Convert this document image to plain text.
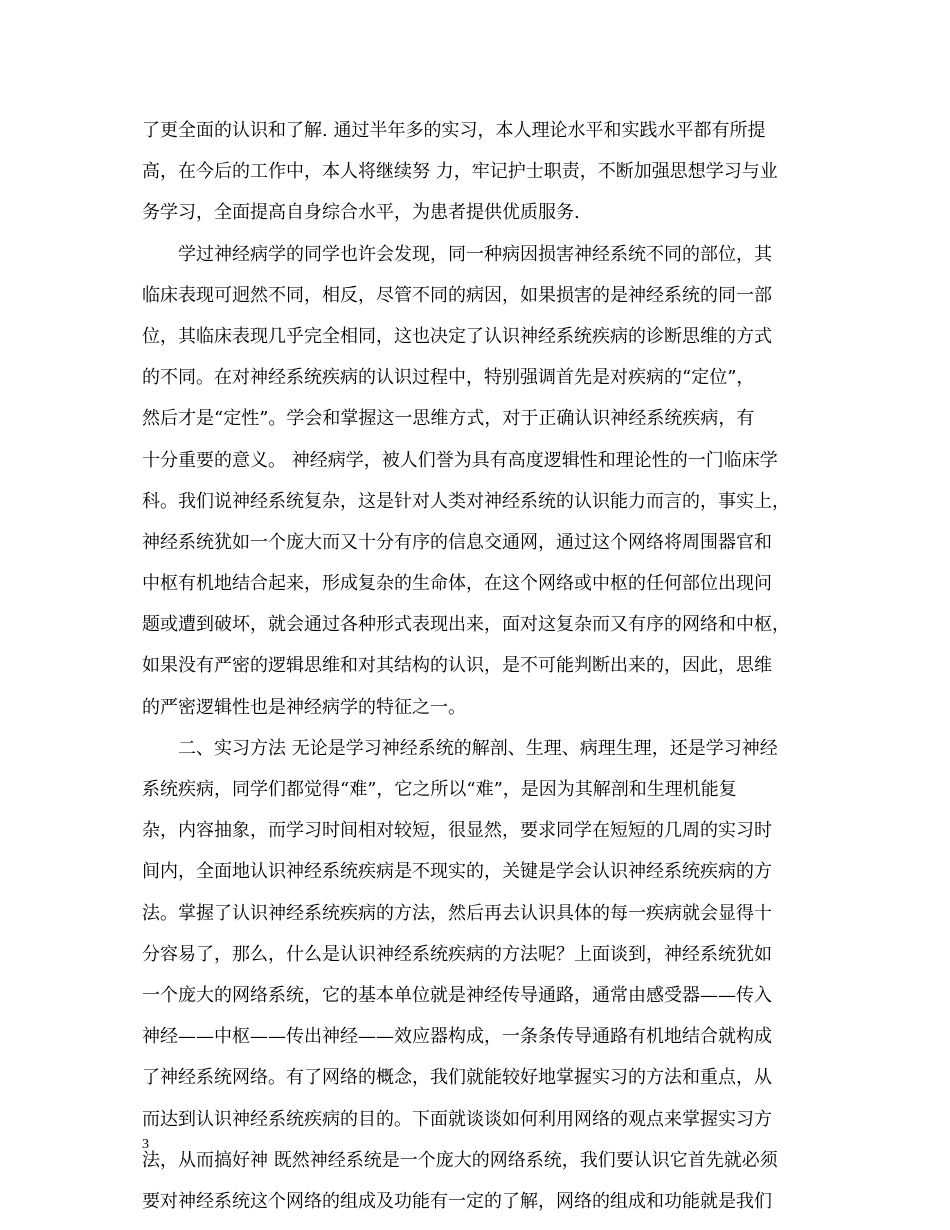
了更全面的认识和了解. 通过半年多的实习，本人理论水平和实践水平都有所提
高，在今后的工作中，本人将继续努 力，牢记护士职责，不断加强思想学习与业
务学习，全面提高自身综合水平，为患者提供优质服务.
学过神经病学的同学也许会发现，同一种病因损害神经系统不同的部位，其
临床表现可迥然不同，相反，尽管不同的病因，如果损害的是神经系统的同一部
位，其临床表现几乎完全相同，这也决定了认识神经系统疾病的诊断思维的方式
的不同。在对神经系统疾病的认识过程中，特别强调首先是对疾病的“定位”，
然后才是“定性”。学会和掌握这一思维方式，对于正确认识神经系统疾病，有
十分重要的意义。 神经病学，被人们誉为具有高度逻辑性和理论性的一门临床学
科。我们说神经系统复杂，这是针对人类对神经系统的认识能力而言的，事实上，
神经系统犹如一个庞大而又十分有序的信息交通网，通过这个网络将周围器官和
中枢有机地结合起来，形成复杂的生命体，在这个网络或中枢的任何部位出现问
题或遭到破坏，就会通过各种形式表现出来，面对这复杂而又有序的网络和中枢，
如果没有严密的逻辑思维和对其结构的认识，是不可能判断出来的，因此，思维
的严密逻辑性也是神经病学的特征之一。
二、实习方法 无论是学习神经系统的解剖、生理、病理生理，还是学习神经
系统疾病，同学们都觉得“难”，它之所以“难”，是因为其解剖和生理机能复
杂，内容抽象，而学习时间相对较短，很显然，要求同学在短短的几周的实习时
间内，全面地认识神经系统疾病是不现实的，关键是学会认识神经系统疾病的方
法。掌握了认识神经系统疾病的方法，然后再去认识具体的每一疾病就会显得十
分容易了，那么，什么是认识神经系统疾病的方法呢？上面谈到，神经系统犹如
一个庞大的网络系统，它的基本单位就是神经传导通路，通常由感受器——传入
神经——中枢——传出神经——效应器构成，一条条传导通路有机地结合就构成
了神经系统网络。有了网络的概念，我们就能较好地掌握实习的方法和重点，从
而达到认识神经系统疾病的目的。下面就谈谈如何利用网络的观点来掌握实习方
法，从而搞好神 既然神经系统是一个庞大的网络系统，我们要认识它首先就必须
要对神经系统这个网络的组成及功能有一定的了解，网络的组成和功能就是我们
3
